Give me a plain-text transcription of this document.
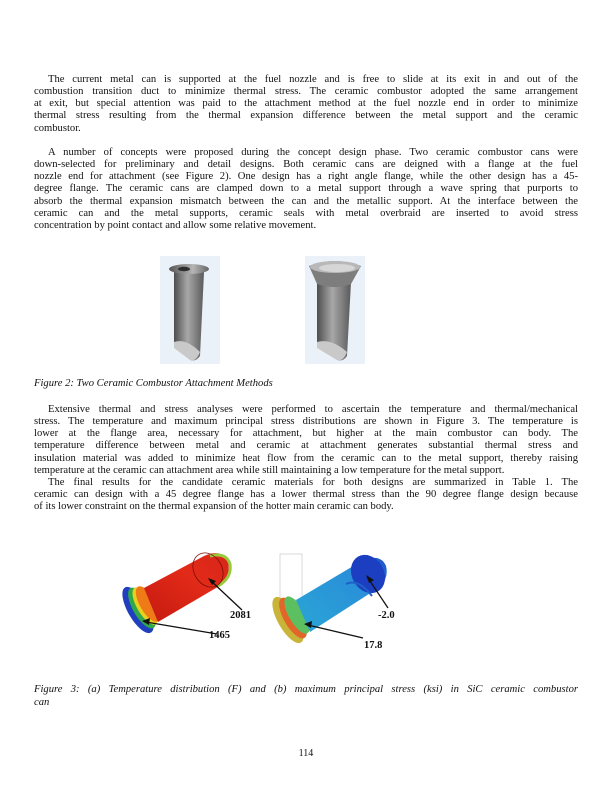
The current metal can is supported at the fuel nozzle and is free to slide at its exit in and out of the
combustion transition duct to minimize thermal stress. The ceramic combustor adopted the same arrangement
at exit, but special attention was paid to the attachment method at the fuel nozzle end in order to minimize
thermal stress resulting from the thermal expansion difference between the metal support and the ceramic
combustor.
A number of concepts were proposed during the concept design phase. Two ceramic combustor cans were
down-selected for preliminary and detail designs. Both ceramic cans are deigned with a flange at the fuel
nozzle end for attachment (see Figure 2). One design has a right angle flange, while the other design has a 45-
degree flange. The ceramic cans are clamped down to a metal support through a wave spring that purports to
absorb the thermal expansion mismatch between the can and the metallic support. At the interface between the
ceramic can and the metal supports, ceramic seals with metal overbraid are inserted to avoid stress
concentration by point contact and allow some relative movement.
Figure 2: Two Ceramic Combustor Attachment Methods
Extensive thermal and stress analyses were performed to ascertain the temperature and thermal/mechanical
stress. The temperature and maximum principal stress distributions are shown in Figure 3. The temperature is
lower at the flange area, necessary for attachment, but higher at the main combustor can body. The
temperature difference between metal and ceramic at attachment generates substantial thermal stress and
insulation material was added to minimize heat flow from the ceramic can to the metal support, thereby raising
temperature at the ceramic can attachment area while still maintaining a low temperature for the metal support.
The final results for the candidate ceramic materials for both designs are summarized in Table 1. The
ceramic can design with a 45 degree flange has a lower thermal stress than the 90 degree flange design because
of its lower constraint on the thermal expansion of the hotter main ceramic can body.
2081
1465
-2.0
17.8
Figure 3: (a) Temperature distribution (F) and (b) maximum principal stress (ksi) in SiC ceramic combustor
can
114
